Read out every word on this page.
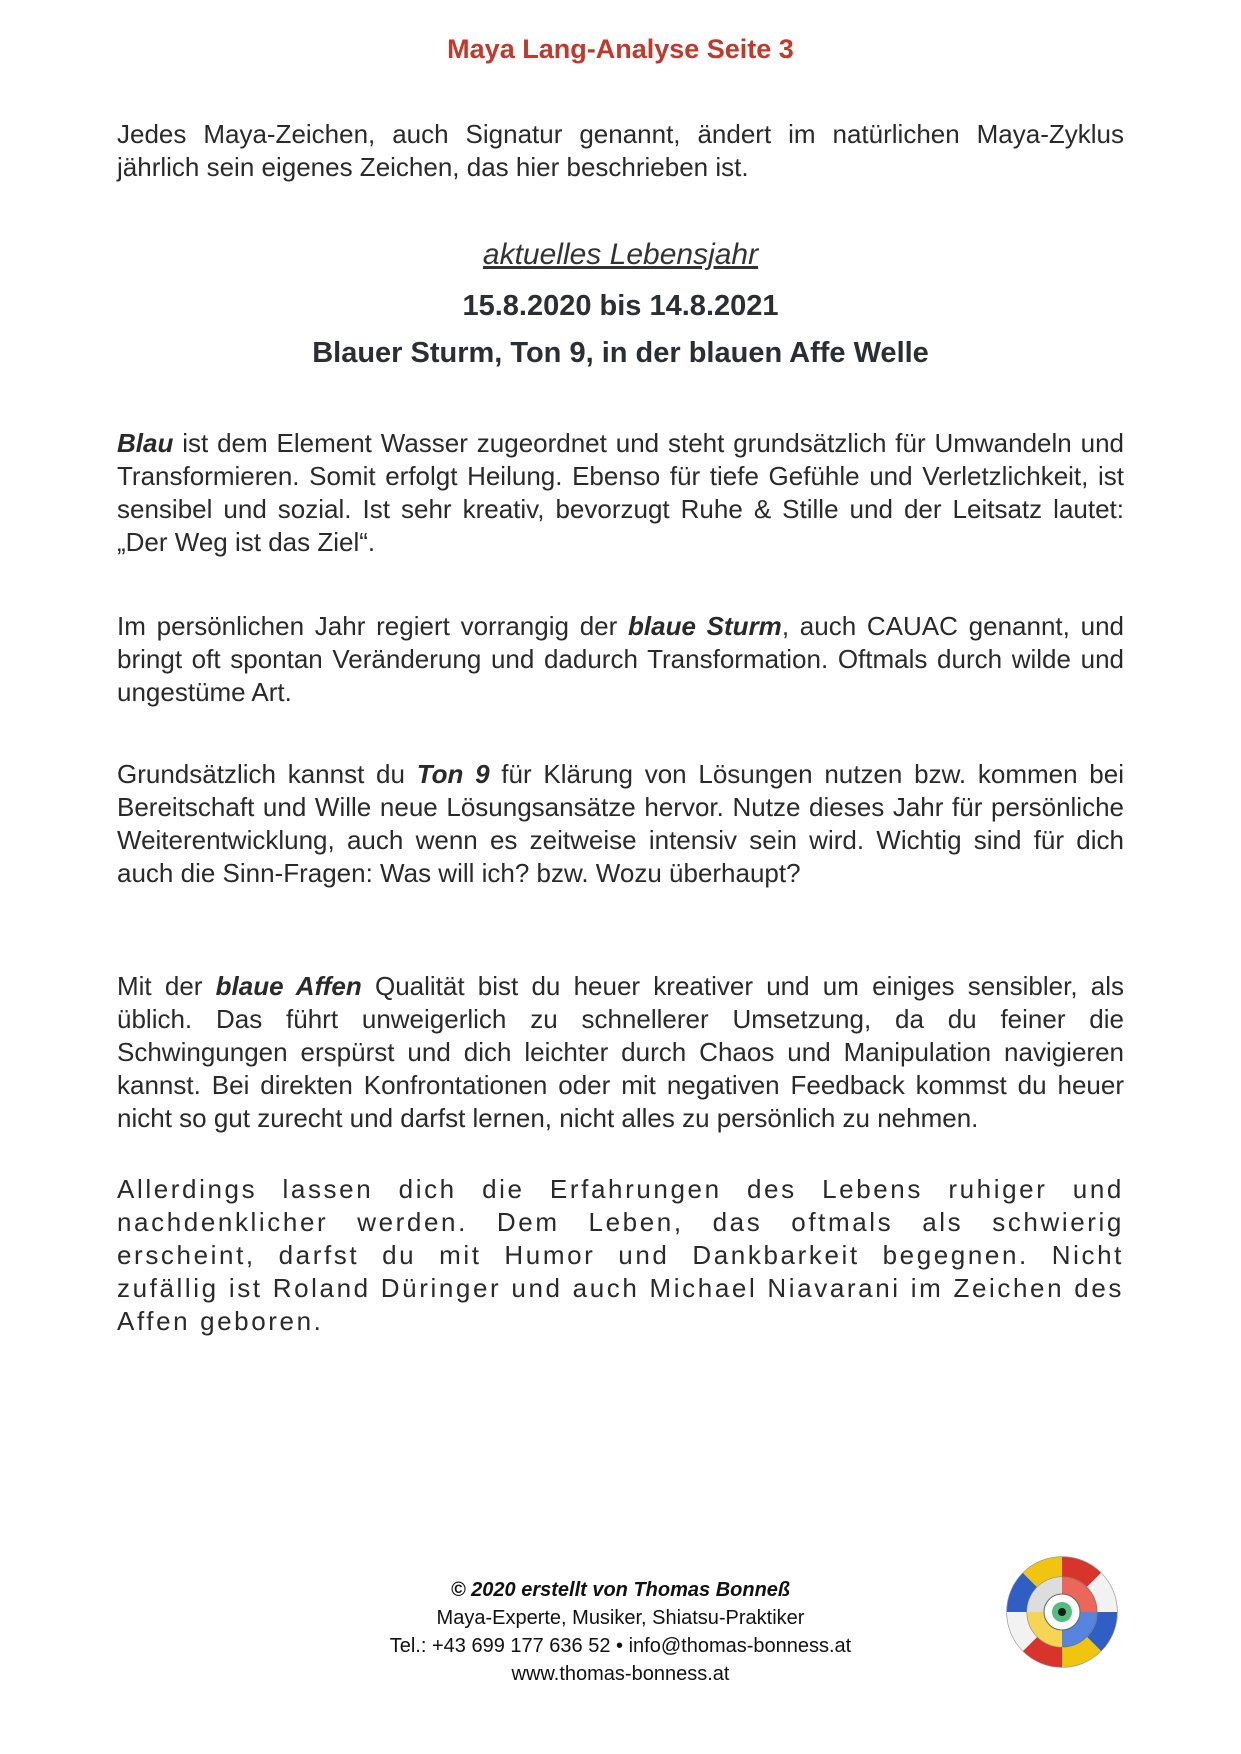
Maya Lang-Analyse Seite 3

Jedes Maya-Zeichen, auch Signatur genannt, ändert im natürlichen Maya-Zyklus jährlich sein eigenes Zeichen, das hier beschrieben ist.

aktuelles Lebensjahr

15.8.2020 bis 14.8.2021

Blauer Sturm, Ton 9, in der blauen Affe Welle

Blau ist dem Element Wasser zugeordnet und steht grundsätzlich für Umwandeln und Transformieren. Somit erfolgt Heilung. Ebenso für tiefe Gefühle und Verletzlichkeit, ist sensibel und sozial. Ist sehr kreativ, bevorzugt Ruhe & Stille und der Leitsatz lautet: „Der Weg ist das Ziel“.

Im persönlichen Jahr regiert vorrangig der blaue Sturm, auch CAUAC genannt, und bringt oft spontan Veränderung und dadurch Transformation. Oftmals durch wilde und ungestüme Art.

Grundsätzlich kannst du Ton 9 für Klärung von Lösungen nutzen bzw. kommen bei Bereitschaft und Wille neue Lösungsansätze hervor. Nutze dieses Jahr für persönliche Weiterentwicklung, auch wenn es zeitweise intensiv sein wird. Wichtig sind für dich auch die Sinn-Fragen: Was will ich? bzw. Wozu überhaupt?

Mit der blaue Affen Qualität bist du heuer kreativer und um einiges sensibler, als üblich. Das führt unweigerlich zu schnellerer Umsetzung, da du feiner die Schwingungen erspürst und dich leichter durch Chaos und Manipulation navigieren kannst. Bei direkten Konfrontationen oder mit negativen Feedback kommst du heuer nicht so gut zurecht und darfst lernen, nicht alles zu persönlich zu nehmen.

Allerdings lassen dich die Erfahrungen des Lebens ruhiger und nachdenklicher werden. Dem Leben, das oftmals als schwierig erscheint, darfst du mit Humor und Dankbarkeit begegnen. Nicht zufällig ist Roland Düringer und auch Michael Niavarani im Zeichen des Affen geboren.

© 2020 erstellt von Thomas Bonneß
Maya-Experte, Musiker, Shiatsu-Praktiker
Tel.: +43 699 177 636 52 • info@thomas-bonness.at
www.thomas-bonness.at
